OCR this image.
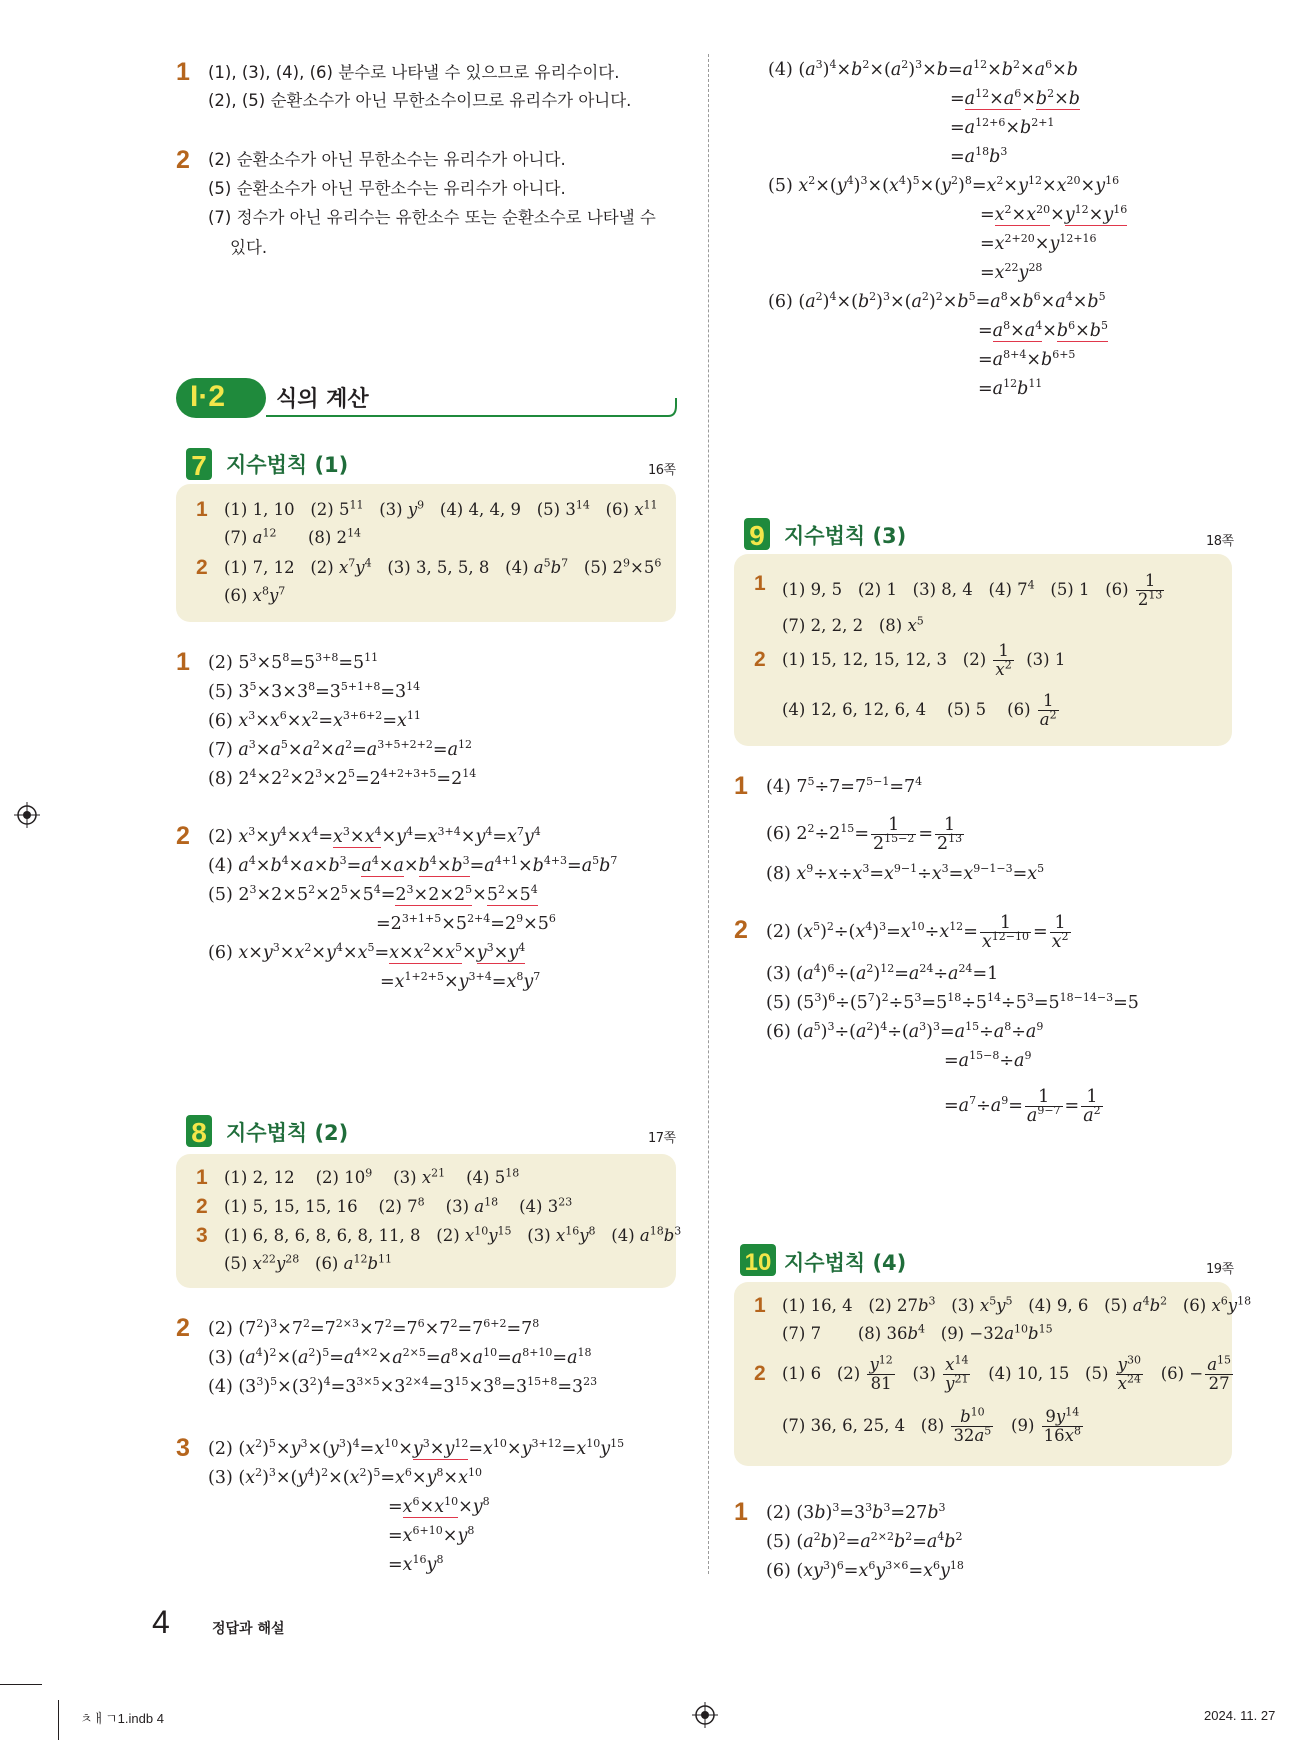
1 (1), (3), (4), (6) 분수로 나타낼 수 있으므로 유리수이다.
(2), (5) 순환소수가 아닌 무한소수이므로 유리수가 아니다.
2 (2) 순환소수가 아닌 무한소수는 유리수가 아니다.
(5) 순환소수가 아닌 무한소수는 유리수가 아니다.
(7) 정수가 아닌 유리수는 유한소수 또는 순환소수로 나타낼 수
있다.
I·2 식의 계산
7 지수법칙 (1)	16쪽
1 (1) 1, 10   (2) $5^{11}$   (3) $y^9$   (4) 4, 4, 9   (5) $3^{14}$   (6) $x^{11}$
(7) $a^{12}$      (8) $2^{14}$
2 (1) 7, 12   (2) $x^7y^4$   (3) 3, 5, 5, 8   (4) $a^5b^7$   (5) $2^9\times 5^6$
(6) $x^8y^7$
1 (2) $5^3\times 5^8=5^{3+8}=5^{11}$
(5) $3^5\times 3\times 3^8=3^{5+1+8}=3^{14}$
(6) $x^3\times x^6\times x^2=x^{3+6+2}=x^{11}$
(7) $a^3\times a^5\times a^2\times a^2=a^{3+5+2+2}=a^{12}$
(8) $2^4\times 2^2\times 2^3\times 2^5=2^{4+2+3+5}=2^{14}$
2 (2) $x^3\times y^4\times x^4=x^3\times x^4\times y^4=x^{3+4}\times y^4=x^7y^4$
(4) $a^4\times b^4\times a\times b^3=a^4\times a\times b^4\times b^3=a^{4+1}\times b^{4+3}=a^5b^7$
(5) $2^3\times 2\times 5^2\times 2^5\times 5^4=2^3\times 2\times 2^5\times 5^2\times 5^4$
$=2^{3+1+5}\times 5^{2+4}=2^9\times 5^6$
(6) $x\times y^3\times x^2\times y^4\times x^5=x\times x^2\times x^5\times y^3\times y^4$
$=x^{1+2+5}\times y^{3+4}=x^8y^7$
8 지수법칙 (2)	17쪽
1 (1) 2, 12    (2) $10^9$    (3) $x^{21}$    (4) $5^{18}$
2 (1) 5, 15, 15, 16    (2) $7^8$    (3) $a^{18}$    (4) $3^{23}$
3 (1) 6, 8, 6, 8, 6, 8, 11, 8   (2) $x^{10}y^{15}$   (3) $x^{16}y^8$   (4) $a^{18}b^3$
(5) $x^{22}y^{28}$   (6) $a^{12}b^{11}$
2 (2) $(7^2)^3\times 7^2=7^{2\times 3}\times 7^2=7^6\times 7^2=7^{6+2}=7^8$
(3) $(a^4)^2\times(a^2)^5=a^{4\times 2}\times a^{2\times 5}=a^8\times a^{10}=a^{8+10}=a^{18}$
(4) $(3^3)^5\times(3^2)^4=3^{3\times 5}\times 3^{2\times 4}=3^{15}\times 3^8=3^{15+8}=3^{23}$
3 (2) $(x^2)^5\times y^3\times(y^3)^4=x^{10}\times y^3\times y^{12}=x^{10}\times y^{3+12}=x^{10}y^{15}$
(3) $(x^2)^3\times(y^4)^2\times(x^2)^5=x^6\times y^8\times x^{10}$
$=x^6\times x^{10}\times y^8$
$=x^{6+10}\times y^8$
$=x^{16}y^8$
(4) $(a^3)^4\times b^2\times(a^2)^3\times b=a^{12}\times b^2\times a^6\times b$
$=a^{12}\times a^6\times b^2\times b$
$=a^{12+6}\times b^{2+1}$
$=a^{18}b^3$
(5) $x^2\times(y^4)^3\times(x^4)^5\times(y^2)^8=x^2\times y^{12}\times x^{20}\times y^{16}$
$=x^2\times x^{20}\times y^{12}\times y^{16}$
$=x^{2+20}\times y^{12+16}$
$=x^{22}y^{28}$
(6) $(a^2)^4\times(b^2)^3\times(a^2)^2\times b^5=a^8\times b^6\times a^4\times b^5$
$=a^8\times a^4\times b^6\times b^5$
$=a^{8+4}\times b^{6+5}$
$=a^{12}b^{11}$
9 지수법칙 (3)	18쪽
1 (1) 9, 5   (2) 1   (3) 8, 4   (4) $7^4$   (5) 1   $(6) \frac{1}{2^{13}}$
(7) 2, 2, 2   (8) $x^5$
2 (1) 15, 12, 15, 12, 3   $(2) \frac{1}{x^2} (3)$ 1
(4) 12, 6, 12, 6, 4    (5) 5    $(6) \frac{1}{a^2}$
1 (4) $7^5\div 7=7^{5-1}=7^4$
(6) $2^2\div 2^{15}= \frac{1}{2^{15-2}} = \frac{1}{2^{13}}$
(8) $x^9\div x\div x^3=x^{9-1}\div x^3=x^{9-1-3}=x^5$
2 (2) $(x^5)^2\div(x^4)^3=x^{10}\div x^{12}= \frac{1}{x^{12-10}} = \frac{1}{x^2}$
(3) $(a^4)^6\div(a^2)^{12}=a^{24}\div a^{24}=1$
(5) $(5^3)^6\div(5^7)^2\div 5^3=5^{18}\div 5^{14}\div 5^3=5^{18-14-3}=5$
(6) $(a^5)^3\div(a^2)^4\div(a^3)^3=a^{15}\div a^8\div a^9$
$=a^{15-8}\div a^9$
$=a^7\div a^9= \frac{1}{a^{9-7}} = \frac{1}{a^2}$
10 지수법칙 (4)	19쪽
1 (1) 16, 4   (2) $27b^3$   (3) $x^5y^5$   (4) 9, 6   (5) $a^4b^2$   (6) $x^6y^{18}$
(7) 7       (8) $36b^4$   $(9) -32a^{10}b^{15}$
2 (1) 6   $(2) \frac{y^{12}}{81} (3) \frac{x^{14}}{y^{21}} (4)$ 10, 15   $(5) \frac{y^{30}}{x^{24}} (6) - \frac{a^{15}}{27}$
(7) 36, 6, 25, 4   $(8) \frac{b^{10}}{32a^5} (9) \frac{9y^{14}}{16x^8}$
1 (2) $(3b)^3=3^3b^3=27b^3$
(5) $(a^2b)^2=a^{2\times 2}b^2=a^4b^2$
(6) $(xy^3)^6=x^6y^{3\times 6}=x^6y^{18}$
4	정답과 해설
ㅊㅐㄱ1.indb 4	2024. 11. 27
